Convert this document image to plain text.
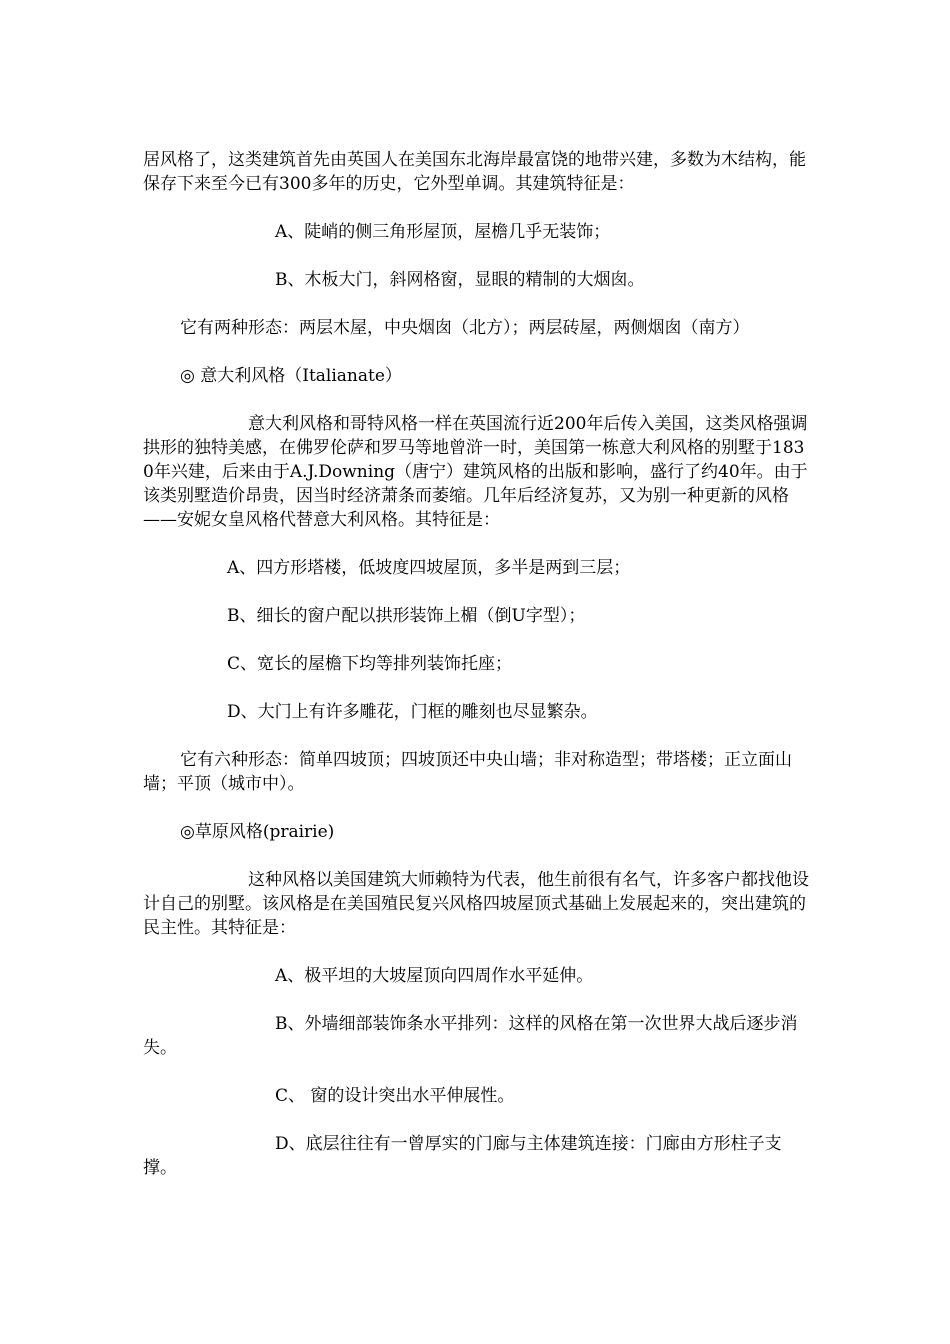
居风格了，这类建筑首先由英国人在美国东北海岸最富饶的地带兴建，多数为木结构，能保存下来至今已有300多年的历史，它外型单调。其建筑特征是：

A、陡峭的侧三角形屋顶，屋檐几乎无装饰；

B、木板大门，斜网格窗，显眼的精制的大烟囱。

它有两种形态：两层木屋，中央烟囱（北方）；两层砖屋，两侧烟囱（南方）

◎ 意大利风格（Italianate）

意大利风格和哥特风格一样在英国流行近200年后传入美国，这类风格强调拱形的独特美感，在佛罗伦萨和罗马等地曾浒一时，美国第一栋意大利风格的别墅于1830年兴建，后来由于A.J.Downing（唐宁）建筑风格的出版和影响，盛行了约40年。由于该类别墅造价昂贵，因当时经济萧条而萎缩。几年后经济复苏，又为别一种更新的风格——安妮女皇风格代替意大利风格。其特征是：

A、四方形塔楼，低坡度四坡屋顶，多半是两到三层；

B、细长的窗户配以拱形装饰上楣（倒U字型）；

C、宽长的屋檐下均等排列装饰托座；

D、大门上有许多雕花，门框的雕刻也尽显繁杂。

它有六种形态：简单四坡顶；四坡顶还中央山墙；非对称造型；带塔楼；正立面山墙；平顶（城市中）。

◎草原风格(prairie)

这种风格以美国建筑大师赖特为代表，他生前很有名气，许多客户都找他设计自己的别墅。该风格是在美国殖民复兴风格四坡屋顶式基础上发展起来的，突出建筑的民主性。其特征是：

A、极平坦的大坡屋顶向四周作水平延伸。

B、外墙细部装饰条水平排列：这样的风格在第一次世界大战后逐步消失。

C、 窗的设计突出水平伸展性。

D、底层往往有一曾厚实的门廊与主体建筑连接：门廊由方形柱子支撑。
